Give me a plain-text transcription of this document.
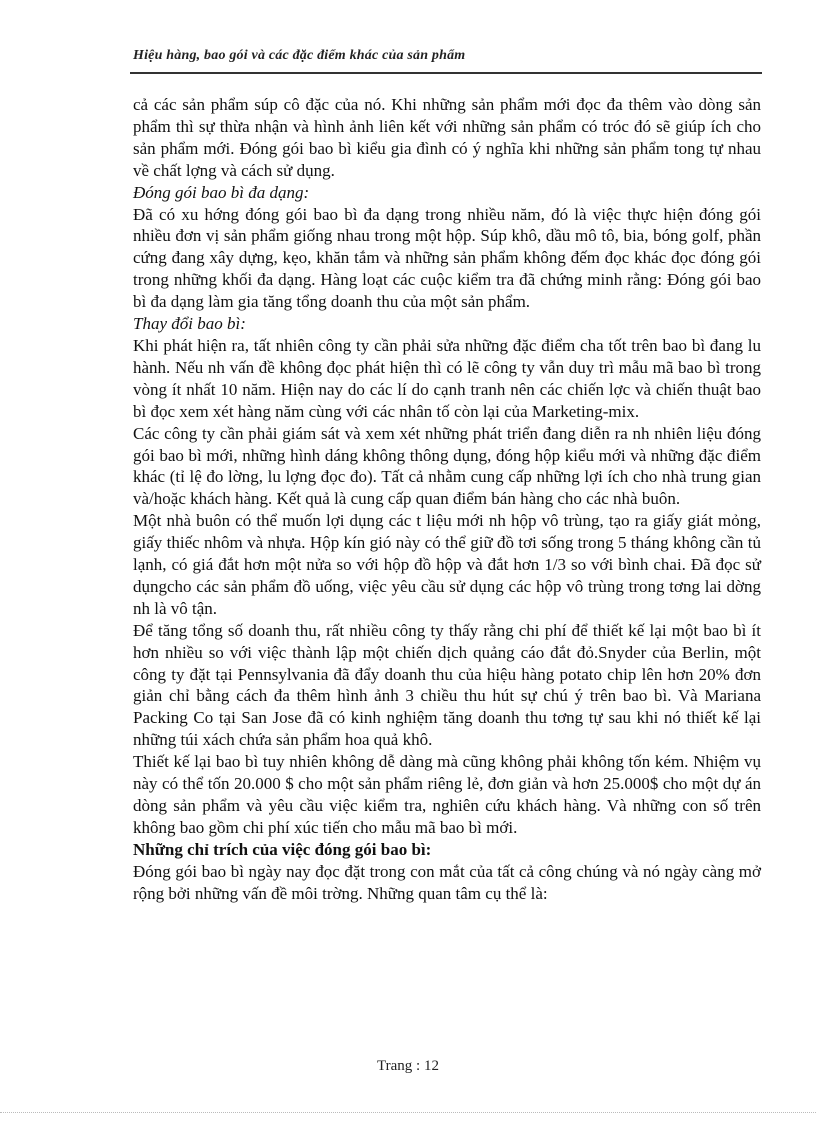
Hiệu hàng, bao gói và các đặc điểm khác của sản phẩm

cả các sản phẩm súp cô đặc của nó. Khi những sản phẩm mới đọc đa thêm vào dòng sản phẩm thì sự thừa nhận và hình ảnh liên kết với những sản phẩm có tróc đó sẽ giúp ích cho sản phẩm mới. Đóng gói bao bì kiểu gia đình có ý nghĩa khi những sản phẩm tong tự nhau về chất lợng và cách sử dụng.

Đóng gói bao bì đa dạng:

Đã có xu hớng đóng gói bao bì đa dạng trong nhiều năm, đó là việc thực hiện đóng gói nhiều đơn vị sản phẩm giống nhau trong một hộp. Súp khô, dầu mô tô, bia, bóng golf, phần cứng đang xây dựng, kẹo, khăn tắm và những sản phẩm không đếm đọc khác đọc đóng gói trong những khối đa dạng. Hàng loạt các cuộc kiểm tra đã chứng minh rằng: Đóng gói bao bì đa dạng làm gia tăng tổng doanh thu của một sản phẩm.

Thay đổi bao bì:

Khi phát hiện ra, tất nhiên công ty cần phải sửa những đặc điểm cha tốt trên bao bì đang lu hành. Nếu nh vấn đề không đọc phát hiện thì có lẽ công ty vẫn duy trì mẫu mã bao bì trong vòng ít nhất 10 năm. Hiện nay do các lí do cạnh tranh nên các chiến lợc và chiến thuật bao bì đọc xem xét hàng năm cùng với các nhân tố còn lại của Marketing-mix.

Các công ty cần phải giám sát và xem xét những phát triển đang diễn ra nh nhiên liệu đóng gói bao bì mới, những hình dáng không thông dụng, đóng hộp kiểu mới và những đặc điểm khác (tỉ lệ đo lờng, lu lợng đọc đo). Tất cả nhằm cung cấp những lợi ích cho nhà trung gian và/hoặc khách hàng. Kết quả là cung cấp quan điểm bán hàng cho các nhà buôn.

Một nhà buôn có thể muốn lợi dụng các t liệu mới nh hộp vô trùng, tạo ra giấy giát mỏng, giấy thiếc nhôm và nhựa. Hộp kín gió này có thể giữ đồ tơi sống trong 5 tháng không cần tủ lạnh, có giá đắt hơn một nửa so với hộp đồ hộp và đắt hơn 1/3 so với bình chai. Đã đọc sử dụngcho các sản phẩm đồ uống, việc yêu cầu sử dụng các hộp vô trùng trong tơng lai dờng nh là vô tận.

Để tăng tổng số doanh thu, rất nhiều công ty thấy rằng chi phí để thiết kế lại một bao bì ít hơn nhiều so với việc thành lập một chiến dịch quảng cáo đắt đỏ.Snyder của Berlin, một công ty đặt tại Pennsylvania đã đẩy doanh thu của hiệu hàng potato chip lên hơn 20% đơn giản chỉ bằng cách đa thêm hình ảnh 3 chiều thu hút sự chú ý trên bao bì. Và Mariana Packing Co tại San Jose đã có kinh nghiệm tăng doanh thu tơng tự sau khi nó thiết kế lại những túi xách chứa sản phẩm hoa quả khô.

Thiết kế lại bao bì tuy nhiên không dễ dàng mà cũng không phải không tốn kém. Nhiệm vụ này có thể tốn 20.000 $ cho một sản phẩm riêng lẻ, đơn giản và hơn 25.000$ cho một dự án dòng sản phẩm và yêu cầu việc kiểm tra, nghiên cứu khách hàng. Và những con số trên không bao gồm chi phí xúc tiến cho mẫu mã bao bì mới.

Những chỉ trích của việc đóng gói bao bì:

Đóng gói bao bì ngày nay đọc đặt trong con mắt của tất cả công chúng và nó ngày càng mở rộng bởi những vấn đề môi trờng. Những quan tâm cụ thể là:

Trang : 12
